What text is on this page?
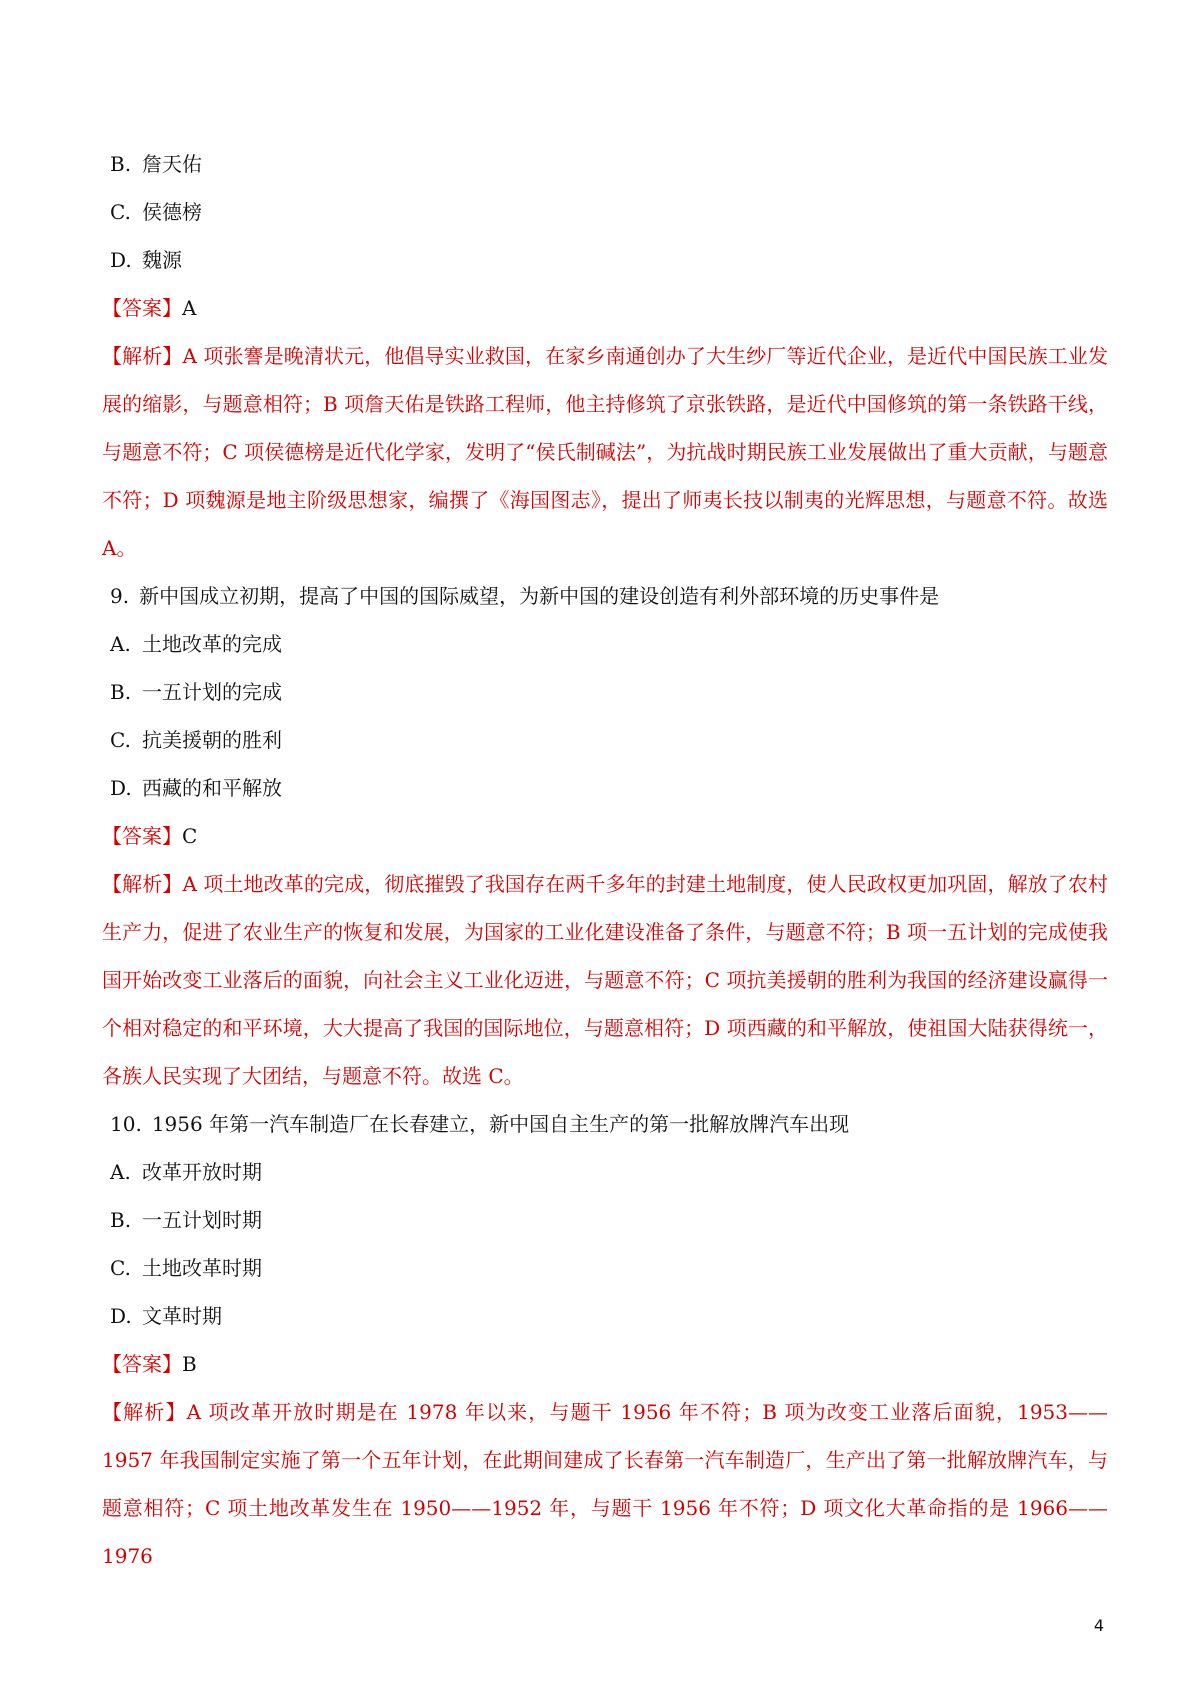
B. 詹天佑
C. 侯德榜
D. 魏源
【答案】A
【解析】A 项张謇是晚清状元，他倡导实业救国，在家乡南通创办了大生纱厂等近代企业，是近代中国民族工业发展的缩影，与题意相符；B 项詹天佑是铁路工程师，他主持修筑了京张铁路，是近代中国修筑的第一条铁路干线，与题意不符；C 项侯德榜是近代化学家，发明了“侯氏制碱法”，为抗战时期民族工业发展做出了重大贡献，与题意不符；D 项魏源是地主阶级思想家，编撰了《海国图志》，提出了师夷长技以制夷的光辉思想，与题意不符。故选 A。
9. 新中国成立初期，提高了中国的国际威望，为新中国的建设创造有利外部环境的历史事件是
A. 土地改革的完成
B. 一五计划的完成
C. 抗美援朝的胜利
D. 西藏的和平解放
【答案】C
【解析】A 项土地改革的完成，彻底摧毁了我国存在两千多年的封建土地制度，使人民政权更加巩固，解放了农村生产力，促进了农业生产的恢复和发展，为国家的工业化建设准备了条件，与题意不符；B 项一五计划的完成使我国开始改变工业落后的面貌，向社会主义工业化迈进，与题意不符；C 项抗美援朝的胜利为我国的经济建设赢得一个相对稳定的和平环境，大大提高了我国的国际地位，与题意相符；D 项西藏的和平解放，使祖国大陆获得统一，各族人民实现了大团结，与题意不符。故选 C。
10. 1956 年第一汽车制造厂在长春建立，新中国自主生产的第一批解放牌汽车出现
A. 改革开放时期
B. 一五计划时期
C. 土地改革时期
D. 文革时期
【答案】B
【解析】A 项改革开放时期是在 1978 年以来，与题干 1956 年不符；B 项为改变工业落后面貌，1953——1957 年我国制定实施了第一个五年计划，在此期间建成了长春第一汽车制造厂，生产出了第一批解放牌汽车，与题意相符；C 项土地改革发生在 1950——1952 年，与题干 1956 年不符；D 项文化大革命指的是 1966——1976
4
